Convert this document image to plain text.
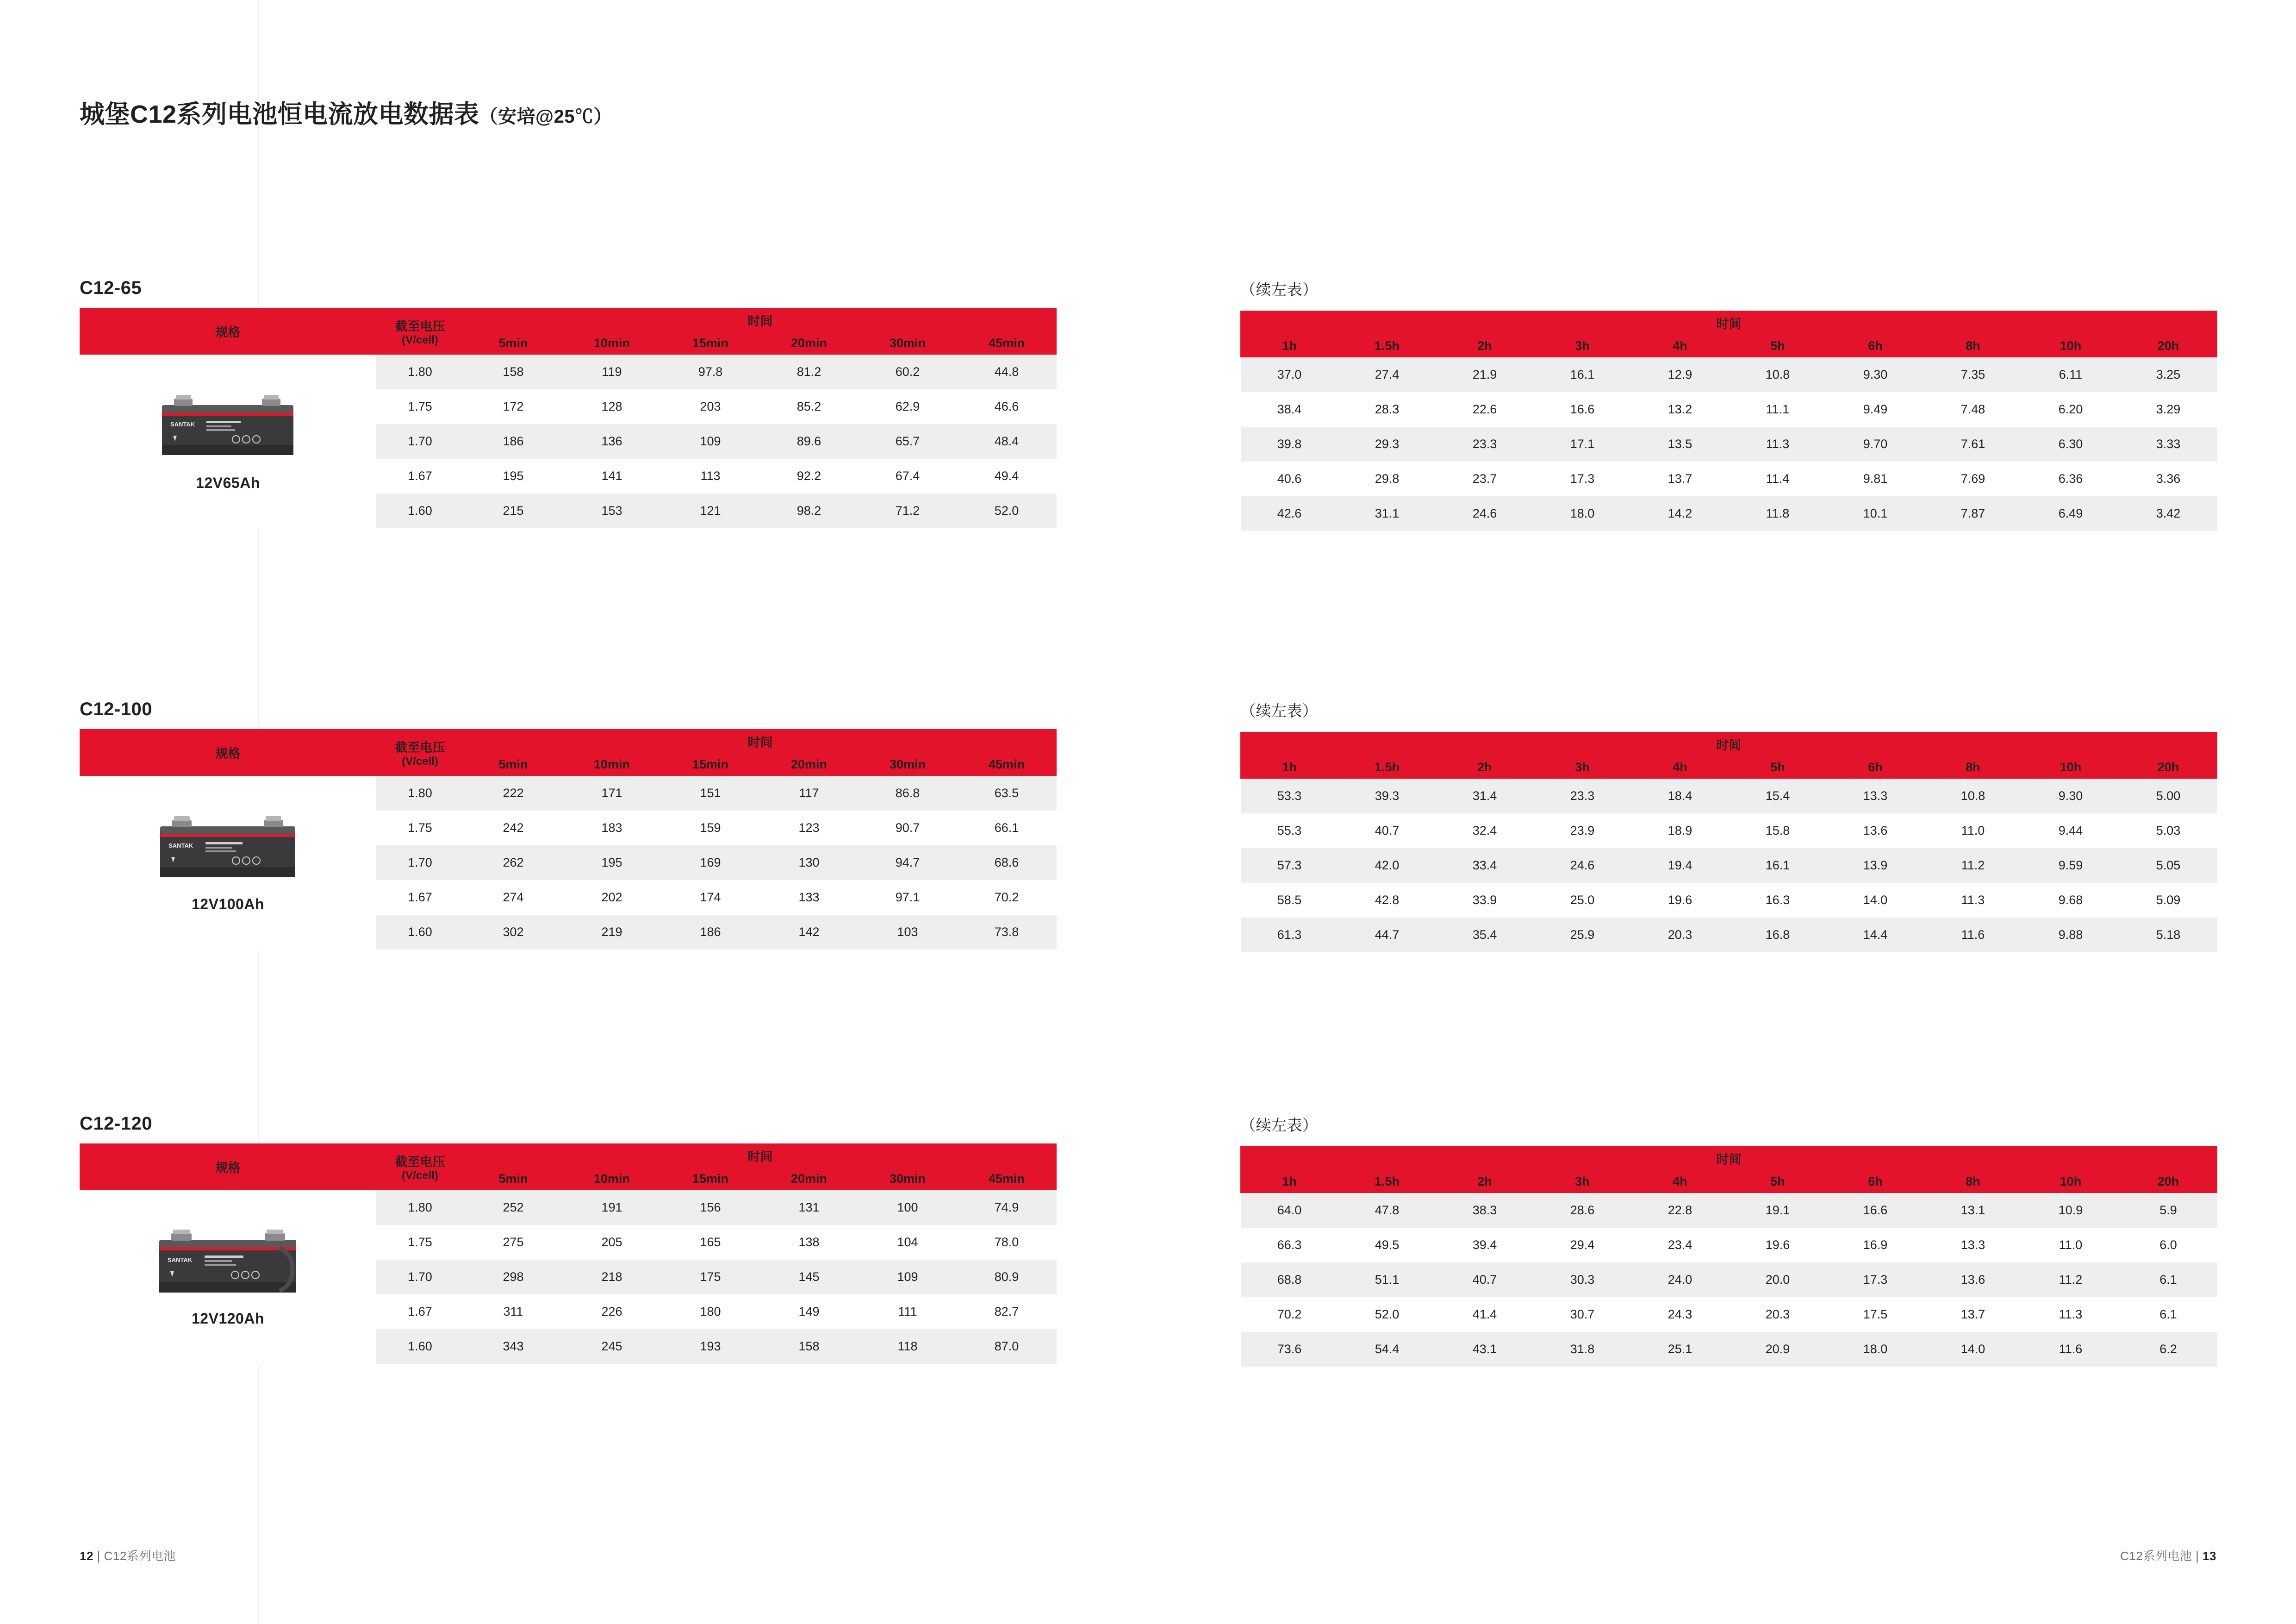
城堡C12系列电池恒电流放电数据表（安培@25℃）
C12-65
规格	截至电压
(V/cell)	时间					
		5min	10min	15min	20min	30min	45min

SANTAK
12V65Ah	1.80	158	119	97.8	81.2	60.2	44.8
	1.75	172	128	203	85.2	62.9	46.6
	1.70	186	136	109	89.6	65.7	48.4
	1.67	195	141	113	92.2	67.4	49.4
	1.60	215	153	121	98.2	71.2	52.0
（续左表）
时间									
1h	1.5h	2h	3h	4h	5h	6h	8h	10h	20h
37.0	27.4	21.9	16.1	12.9	10.8	9.30	7.35	6.11	3.25
38.4	28.3	22.6	16.6	13.2	11.1	9.49	7.48	6.20	3.29
39.8	29.3	23.3	17.1	13.5	11.3	9.70	7.61	6.30	3.33
40.6	29.8	23.7	17.3	13.7	11.4	9.81	7.69	6.36	3.36
42.6	31.1	24.6	18.0	14.2	11.8	10.1	7.87	6.49	3.42
C12-100
规格	截至电压
(V/cell)	时间					
		5min	10min	15min	20min	30min	45min

SANTAK
12V100Ah	1.80	222	171	151	117	86.8	63.5
	1.75	242	183	159	123	90.7	66.1
	1.70	262	195	169	130	94.7	68.6
	1.67	274	202	174	133	97.1	70.2
	1.60	302	219	186	142	103	73.8
（续左表）
时间									
1h	1.5h	2h	3h	4h	5h	6h	8h	10h	20h
53.3	39.3	31.4	23.3	18.4	15.4	13.3	10.8	9.30	5.00
55.3	40.7	32.4	23.9	18.9	15.8	13.6	11.0	9.44	5.03
57.3	42.0	33.4	24.6	19.4	16.1	13.9	11.2	9.59	5.05
58.5	42.8	33.9	25.0	19.6	16.3	14.0	11.3	9.68	5.09
61.3	44.7	35.4	25.9	20.3	16.8	14.4	11.6	9.88	5.18
C12-120
规格	截至电压
(V/cell)	时间					
		5min	10min	15min	20min	30min	45min

SANTAK
12V120Ah	1.80	252	191	156	131	100	74.9
	1.75	275	205	165	138	104	78.0
	1.70	298	218	175	145	109	80.9
	1.67	311	226	180	149	111	82.7
	1.60	343	245	193	158	118	87.0
（续左表）
时间									
1h	1.5h	2h	3h	4h	5h	6h	8h	10h	20h
64.0	47.8	38.3	28.6	22.8	19.1	16.6	13.1	10.9	5.9
66.3	49.5	39.4	29.4	23.4	19.6	16.9	13.3	11.0	6.0
68.8	51.1	40.7	30.3	24.0	20.0	17.3	13.6	11.2	6.1
70.2	52.0	41.4	30.7	24.3	20.3	17.5	13.7	11.3	6.1
73.6	54.4	43.1	31.8	25.1	20.9	18.0	14.0	11.6	6.2
12 | C12系列电池	C12系列电池 | 13
